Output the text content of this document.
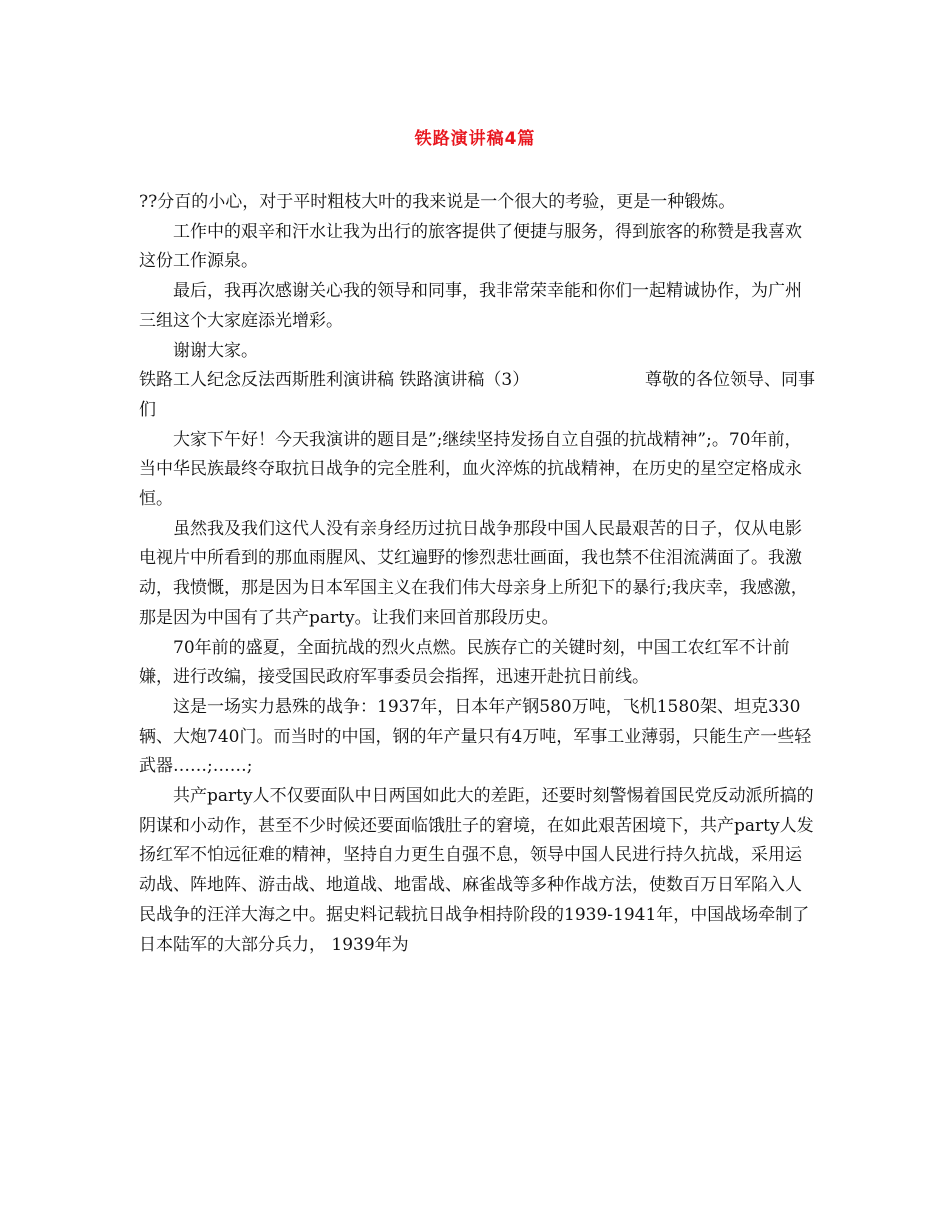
铁路演讲稿4篇

??分百的小心，对于平时粗枝大叶的我来说是一个很大的考验，更是一种锻炼。

工作中的艰辛和汗水让我为出行的旅客提供了便捷与服务，得到旅客的称赞是我喜欢这份工作源泉。

最后，我再次感谢关心我的领导和同事，我非常荣幸能和你们一起精诚协作，为广州三组这个大家庭添光增彩。

谢谢大家。

铁路工人纪念反法西斯胜利演讲稿 铁路演讲稿（3）	尊敬的各位领导、同事

们

大家下午好！今天我演讲的题目是”;继续坚持发扬自立自强的抗战精神”;。70年前，当中华民族最终夺取抗日战争的完全胜利，血火淬炼的抗战精神，在历史的星空定格成永恒。

虽然我及我们这代人没有亲身经历过抗日战争那段中国人民最艰苦的日子，仅从电影电视片中所看到的那血雨腥风、艾红遍野的惨烈悲壮画面，我也禁不住泪流满面了。我激动，我愤慨，那是因为日本军国主义在我们伟大母亲身上所犯下的暴行;我庆幸，我感激，那是因为中国有了共产party。让我们来回首那段历史。

70年前的盛夏，全面抗战的烈火点燃。民族存亡的关键时刻，中国工农红军不计前嫌，进行改编，接受国民政府军事委员会指挥，迅速开赴抗日前线。

这是一场实力悬殊的战争：1937年，日本年产钢580万吨，飞机1580架、坦克330辆、大炮740门。而当时的中国，钢的年产量只有4万吨，军事工业薄弱，只能生产一些轻武器……;……;

共产party人不仅要面队中日两国如此大的差距，还要时刻警惕着国民党反动派所搞的阴谋和小动作，甚至不少时候还要面临饿肚子的窘境，在如此艰苦困境下，共产party人发扬红军不怕远征难的精神，坚持自力更生自强不息，领导中国人民进行持久抗战，采用运动战、阵地阵、游击战、地道战、地雷战、麻雀战等多种作战方法，使数百万日军陷入人民战争的汪洋大海之中。据史料记载抗日战争相持阶段的1939-1941年，中国战场牵制了日本陆军的大部分兵力， 1939年为
